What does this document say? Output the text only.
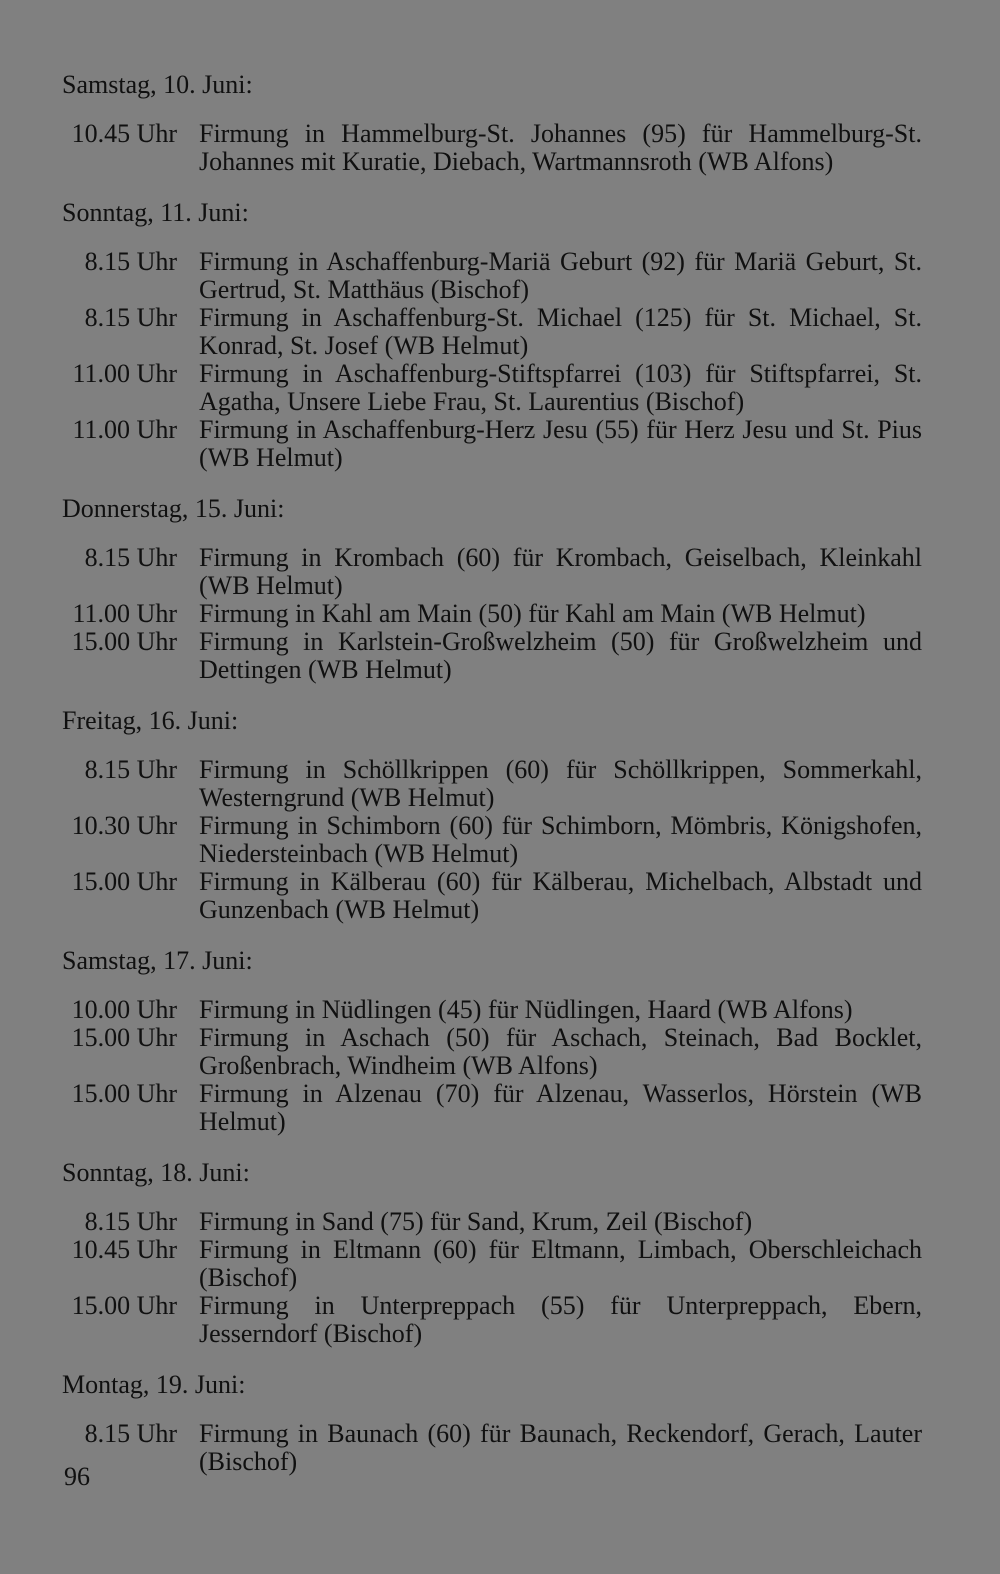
Samstag, 10. Juni:
10.45 Uhr Firmung in Hammelburg-St. Johannes (95) für Hammelburg-St. Johannes mit Kuratie, Diebach, Wartmannsroth (WB Alfons)
Sonntag, 11. Juni:
8.15 Uhr Firmung in Aschaffenburg-Mariä Geburt (92) für Mariä Geburt, St. Gertrud, St. Matthäus (Bischof)
8.15 Uhr Firmung in Aschaffenburg-St. Michael (125) für St. Michael, St. Konrad, St. Josef (WB Helmut)
11.00 Uhr Firmung in Aschaffenburg-Stiftspfarrei (103) für Stiftspfarrei, St. Agatha, Unsere Liebe Frau, St. Laurentius (Bischof)
11.00 Uhr Firmung in Aschaffenburg-Herz Jesu (55) für Herz Jesu und St. Pius (WB Helmut)
Donnerstag, 15. Juni:
8.15 Uhr Firmung in Krombach (60) für Krombach, Geiselbach, Kleinkahl (WB Helmut)
11.00 Uhr Firmung in Kahl am Main (50) für Kahl am Main (WB Helmut)
15.00 Uhr Firmung in Karlstein-Großwelzheim (50) für Großwelzheim und Dettingen (WB Helmut)
Freitag, 16. Juni:
8.15 Uhr Firmung in Schöllkrippen (60) für Schöllkrippen, Sommerkahl, Westerngrund (WB Helmut)
10.30 Uhr Firmung in Schimborn (60) für Schimborn, Mömbris, Königshofen, Niedersteinbach (WB Helmut)
15.00 Uhr Firmung in Kälberau (60) für Kälberau, Michelbach, Albstadt und Gunzenbach (WB Helmut)
Samstag, 17. Juni:
10.00 Uhr Firmung in Nüdlingen (45) für Nüdlingen, Haard (WB Alfons)
15.00 Uhr Firmung in Aschach (50) für Aschach, Steinach, Bad Bocklet, Großenbrach, Windheim (WB Alfons)
15.00 Uhr Firmung in Alzenau (70) für Alzenau, Wasserlos, Hörstein (WB Helmut)
Sonntag, 18. Juni:
8.15 Uhr Firmung in Sand (75) für Sand, Krum, Zeil (Bischof)
10.45 Uhr Firmung in Eltmann (60) für Eltmann, Limbach, Oberschleichach (Bischof)
15.00 Uhr Firmung in Unterpreppach (55) für Unterpreppach, Ebern, Jesserndorf (Bischof)
Montag, 19. Juni:
8.15 Uhr Firmung in Baunach (60) für Baunach, Reckendorf, Gerach, Lauter (Bischof)
96
